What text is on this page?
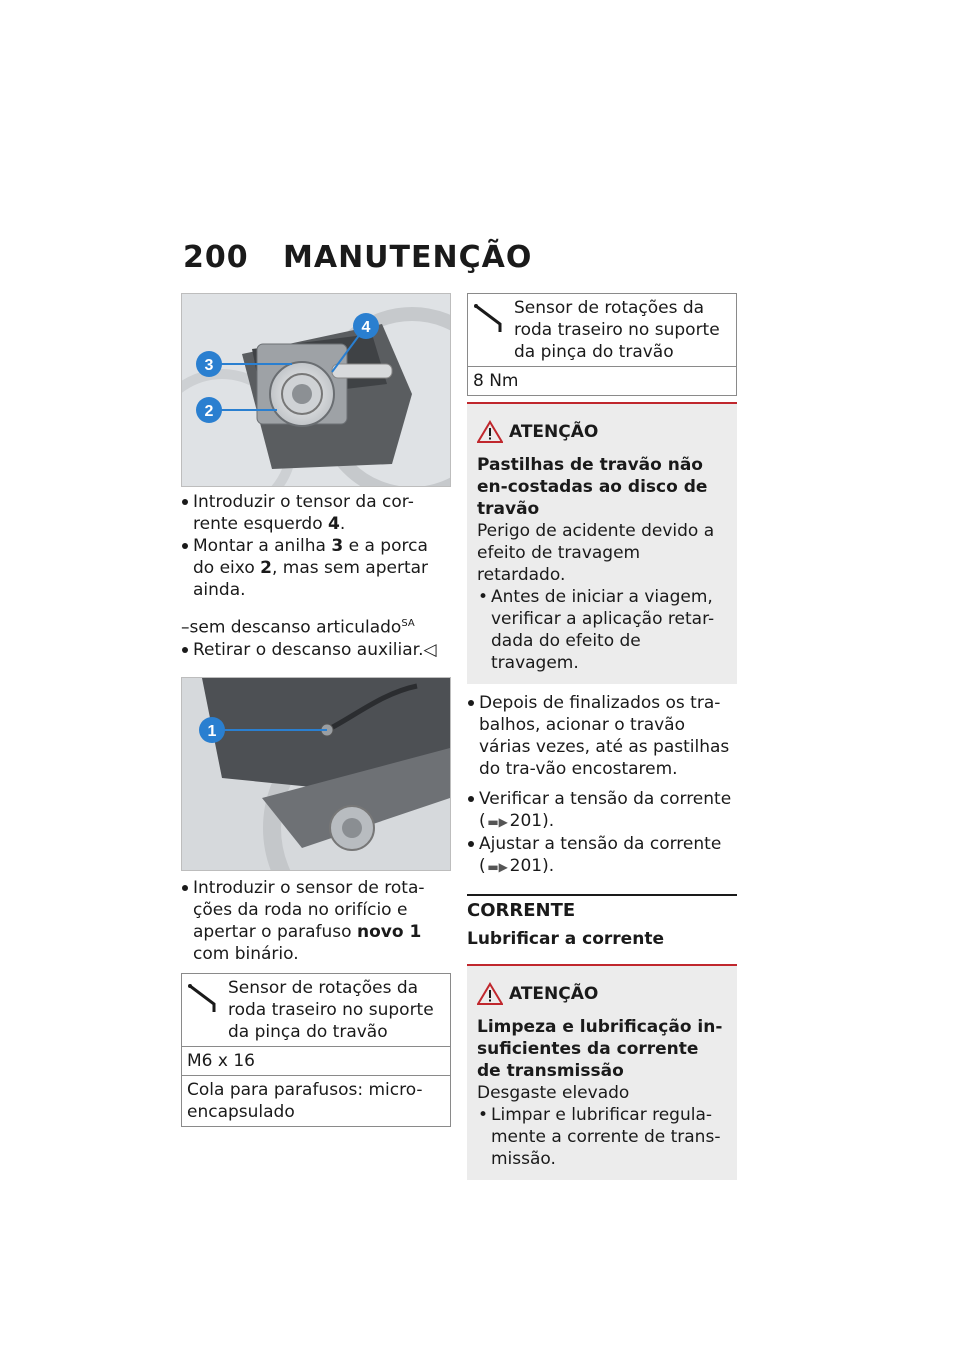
200 MANUTENÇÃO
4
3
2
Introduzir o tensor da cor-
rente esquerdo 4.
Montar a anilha 3 e a porca
do eixo 2, mas sem apertar
ainda.
–sem descanso articulado$^{SA}$
Retirar o descanso auxiliar.◁
1
Introduzir o sensor de rota-
ções da roda no orifício e
apertar o parafuso novo 1
com binário.
Sensor de rotações da roda traseiro no suporte da pinça do travão
M6 x 16
Cola para parafusos: micro-encapsulado
Sensor de rotações da roda traseiro no suporte da pinça do travão
8 Nm
ATENÇÃO
Pastilhas de travão não en-costadas ao disco de travão
Perigo de acidente devido a efeito de travagem retardado.
• Antes de iniciar a viagem, verificar a aplicação retar-dada do efeito de travagem.
Depois de finalizados os tra-balhos, acionar o travão várias vezes, até as pastilhas do tra-vão encostarem.
Verificar a tensão da corrente
( ▬▶ 201).
Ajustar a tensão da corrente
( ▬▶ 201).
CORRENTE
Lubrificar a corrente
ATENÇÃO
Limpeza e lubrificação in-suficientes da corrente de transmissão
Desgaste elevado
• Limpar e lubrificar regula-mente a corrente de trans-missão.
